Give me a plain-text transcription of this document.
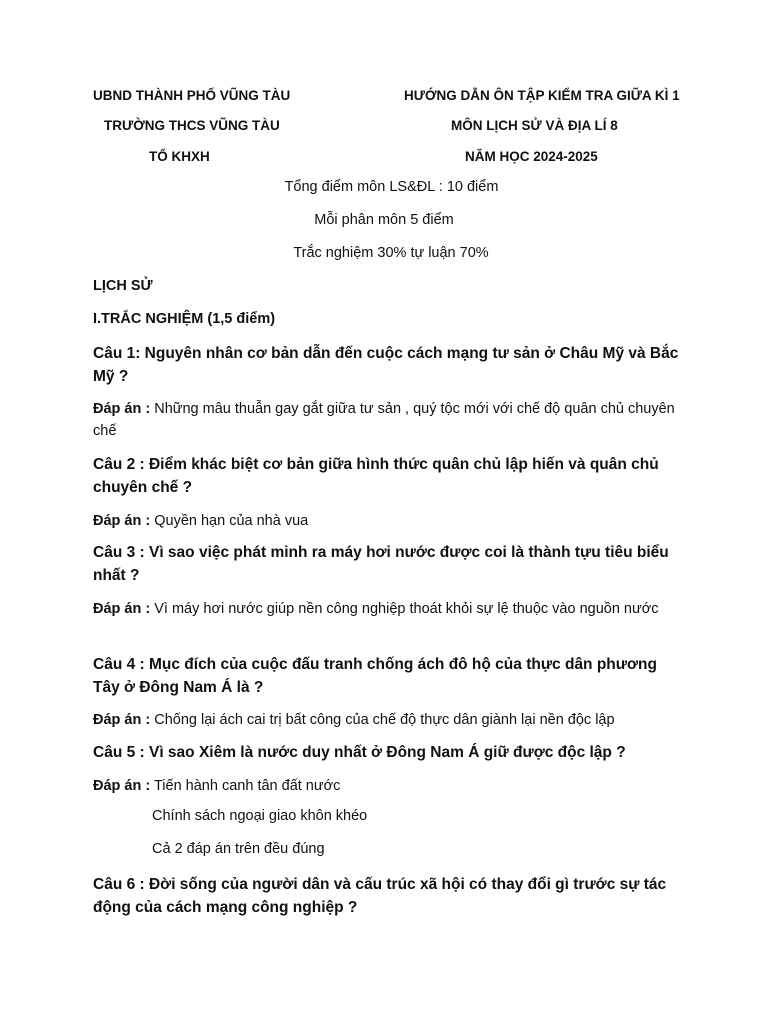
UBND THÀNH PHỐ VŨNG TÀU
TRƯỜNG THCS VŨNG TÀU
TỔ KHXH
HƯỚNG DẪN ÔN TẬP KIỂM TRA GIỮA KÌ 1
MÔN LỊCH SỬ VÀ ĐỊA LÍ 8
NĂM HỌC 2024-2025
Tổng điểm môn LS&ĐL : 10 điểm
Mỗi phân môn 5 điểm
Trắc nghiệm 30% tự luận 70%
LỊCH SỬ
I.TRẮC NGHIỆM (1,5 điểm)
Câu 1: Nguyên nhân cơ bản dẫn đến cuộc cách mạng tư sản ở Châu Mỹ và Bắc Mỹ ?
Đáp án : Những mâu thuẫn gay gắt giữa tư sản , quý tộc mới với chế độ quân chủ chuyên chế
Câu 2 : Điểm khác biệt cơ bản giữa hình thức quân chủ lập hiến và quân chủ chuyên chế ?
Đáp án : Quyền hạn của nhà vua
Câu 3 : Vì sao việc phát minh ra máy hơi nước được coi là thành tựu tiêu biểu nhất ?
Đáp án : Vì máy hơi nước giúp nền công nghiệp thoát khỏi sự lệ thuộc vào nguồn nước
Câu 4 : Mục đích của cuộc đấu tranh chống ách đô hộ của thực dân phương Tây ở Đông Nam Á là ?
Đáp án : Chống lại ách cai trị bất công của chế độ thực dân giành lại nền độc lập
Câu 5 : Vì sao Xiêm là nước duy nhất ở Đông Nam Á giữ được độc lập ?
Đáp án : Tiến hành canh tân đất nước
Chính sách ngoại giao khôn khéo
Cả 2 đáp án trên đều đúng
Câu 6 : Đời sống của người dân và cấu trúc xã hội có thay đổi gì trước sự tác động của cách mạng công nghiệp ?
